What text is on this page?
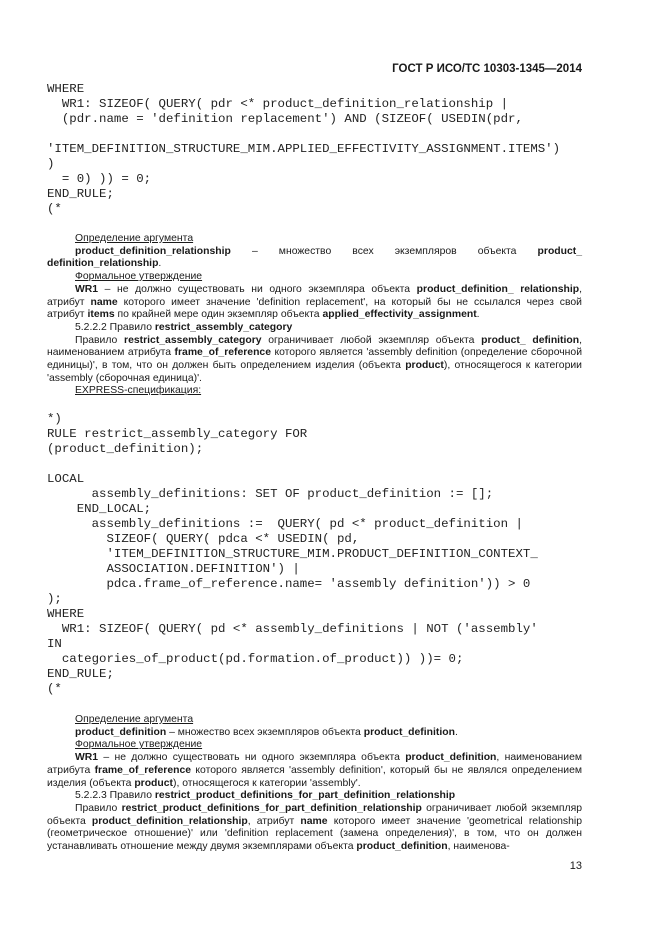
ГОСТ Р ИСО/ТС 10303-1345—2014
WHERE
WR1: SIZEOF( QUERY( pdr <* product_definition_relationship |
(pdr.name = 'definition replacement') AND (SIZEOF( USEDIN(pdr,

'ITEM_DEFINITION_STRUCTURE_MIM.APPLIED_EFFECTIVITY_ASSIGNMENT.ITEMS')
)
= 0) )) = 0;
END_RULE;
(*

Определение аргумента

product_definition_relationship – множество всех экземпляров объекта product_ definition_relationship.

Формальное утверждение

WR1 – не должно существовать ни одного экземпляра объекта product_definition_ relationship, атрибут name которого имеет значение 'definition replacement', на который бы не ссылался через свой атрибут items по крайней мере один экземпляр объекта applied_effectivity_assignment.

5.2.2.2 Правило restrict_assembly_category

Правило restrict_assembly_category ограничивает любой экземпляр объекта product_ definition, наименованием атрибута frame_of_reference которого является 'assembly definition (определение сборочной единицы)', в том, что он должен быть определением изделия (объекта product), относящегося к категории 'assembly (сборочная единица)'.

EXPRESS-спецификация:

*)
RULE restrict_assembly_category FOR
(product_definition);

LOCAL
assembly_definitions: SET OF product_definition := [];
END_LOCAL;
assembly_definitions :=  QUERY( pd <* product_definition |
SIZEOF( QUERY( pdca <* USEDIN( pd,
'ITEM_DEFINITION_STRUCTURE_MIM.PRODUCT_DEFINITION_CONTEXT_
ASSOCIATION.DEFINITION') |
pdca.frame_of_reference.name= 'assembly definition')) > 0
);
WHERE
WR1: SIZEOF( QUERY( pd <* assembly_definitions | NOT ('assembly'
IN
categories_of_product(pd.formation.of_product)) ))= 0;
END_RULE;
(*

Определение аргумента

product_definition – множество всех экземпляров объекта product_definition.

Формальное утверждение

WR1 – не должно существовать ни одного экземпляра объекта product_definition, наименованием атрибута frame_of_reference которого является 'assembly definition', который бы не являлся определением изделия (объекта product), относящегося к категории 'assembly'.

5.2.2.3 Правило restrict_product_definitions_for_part_definition_relationship

Правило restrict_product_definitions_for_part_definition_relationship ограничивает любой экземпляр объекта product_definition_relationship, атрибут name которого имеет значение 'geometrical relationship (геометрическое отношение)' или 'definition replacement (замена определения)', в том, что он должен устанавливать отношение между двумя экземплярами объекта product_definition, наименова-

13
